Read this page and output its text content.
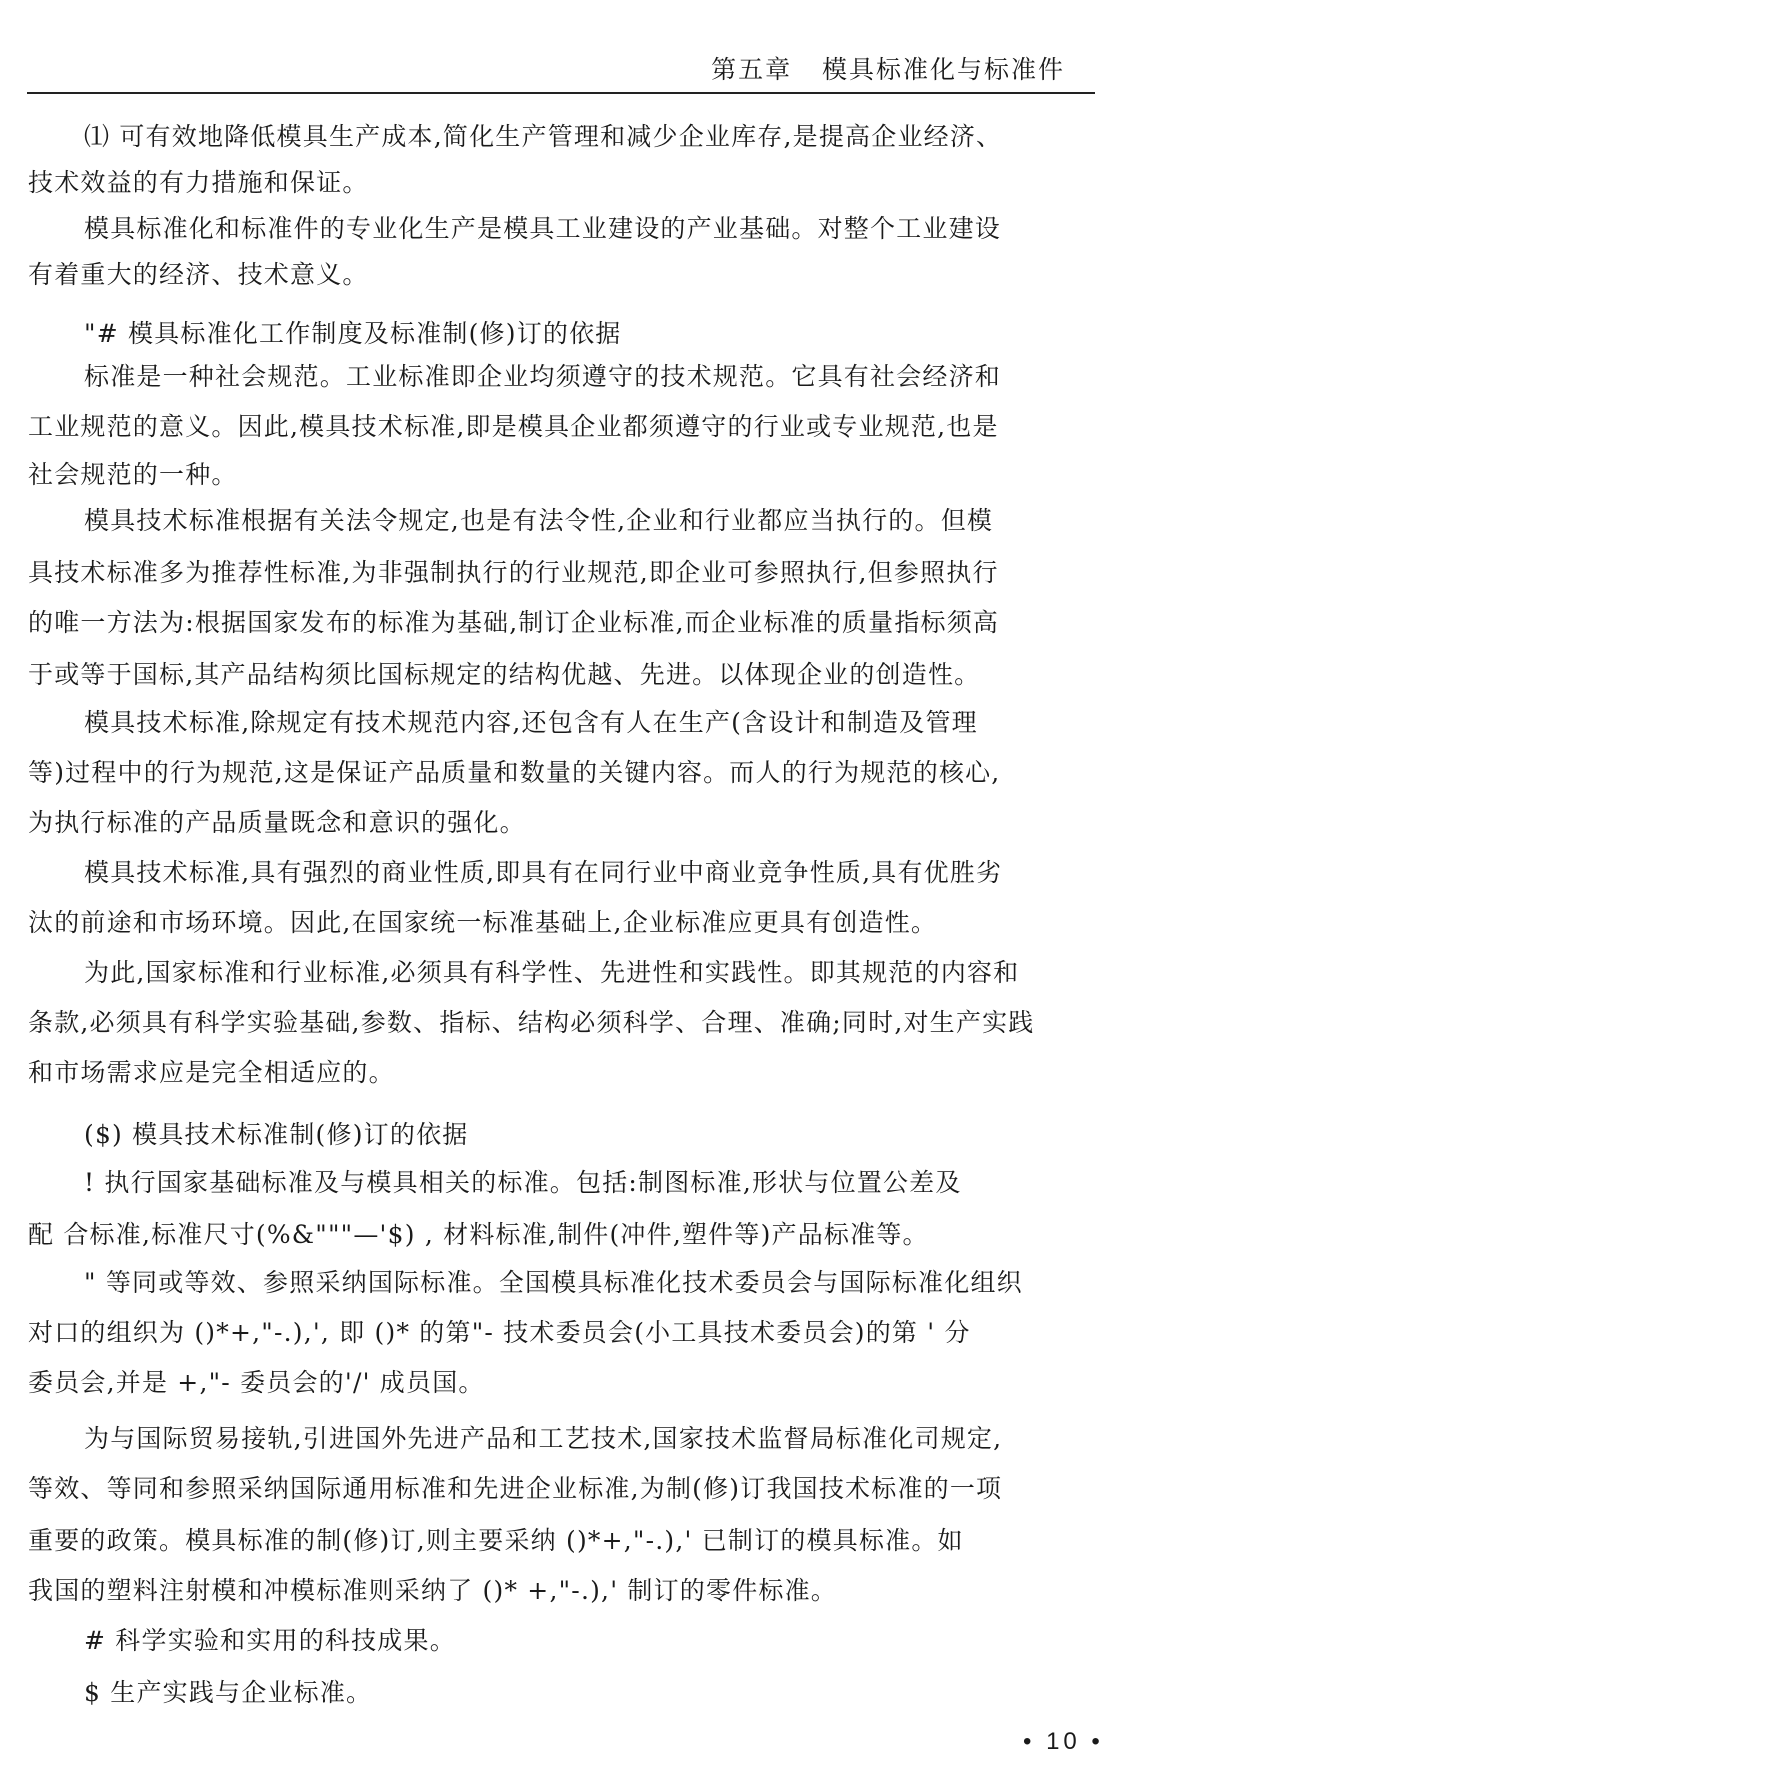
第五章   模具标准化与标准件
⑴ 可有效地降低模具生产成本,简化生产管理和减少企业库存,是提高企业经济、
技术效益的有力措施和保证。
模具标准化和标准件的专业化生产是模具工业建设的产业基础。对整个工业建设
有着重大的经济、技术意义。
"# 模具标准化工作制度及标准制(修)订的依据
标准是一种社会规范。工业标准即企业均须遵守的技术规范。它具有社会经济和
工业规范的意义。因此,模具技术标准,即是模具企业都须遵守的行业或专业规范,也是
社会规范的一种。
模具技术标准根据有关法令规定,也是有法令性,企业和行业都应当执行的。但模
具技术标准多为推荐性标准,为非强制执行的行业规范,即企业可参照执行,但参照执行
的唯一方法为:根据国家发布的标准为基础,制订企业标准,而企业标准的质量指标须高
于或等于国标,其产品结构须比国标规定的结构优越、先进。以体现企业的创造性。
模具技术标准,除规定有技术规范内容,还包含有人在生产(含设计和制造及管理
等)过程中的行为规范,这是保证产品质量和数量的关键内容。而人的行为规范的核心,
为执行标准的产品质量既念和意识的强化。
模具技术标准,具有强烈的商业性质,即具有在同行业中商业竞争性质,具有优胜劣
汰的前途和市场环境。因此,在国家统一标准基础上,企业标准应更具有创造性。
为此,国家标准和行业标准,必须具有科学性、先进性和实践性。即其规范的内容和
条款,必须具有科学实验基础,参数、指标、结构必须科学、合理、准确;同时,对生产实践
和市场需求应是完全相适应的。
($) 模具技术标准制(修)订的依据
! 执行国家基础标准及与模具相关的标准。包括:制图标准,形状与位置公差及
配 合标准,标准尺寸(%&"""—'$) , 材料标准,制件(冲件,塑件等)产品标准等。
" 等同或等效、参照采纳国际标准。全国模具标准化技术委员会与国际标准化组织
对口的组织为 ()*+,"-.),', 即 ()* 的第"- 技术委员会(小工具技术委员会)的第 ' 分
委员会,并是 +,"- 委员会的'/' 成员国。
为与国际贸易接轨,引进国外先进产品和工艺技术,国家技术监督局标准化司规定,
等效、等同和参照采纳国际通用标准和先进企业标准,为制(修)订我国技术标准的一项
重要的政策。模具标准的制(修)订,则主要采纳 ()*+,"-.),' 已制订的模具标准。如
我国的塑料注射模和冲模标准则采纳了 ()* +,"-.),' 制订的零件标准。
# 科学实验和实用的科技成果。
$ 生产实践与企业标准。
• 10 •
